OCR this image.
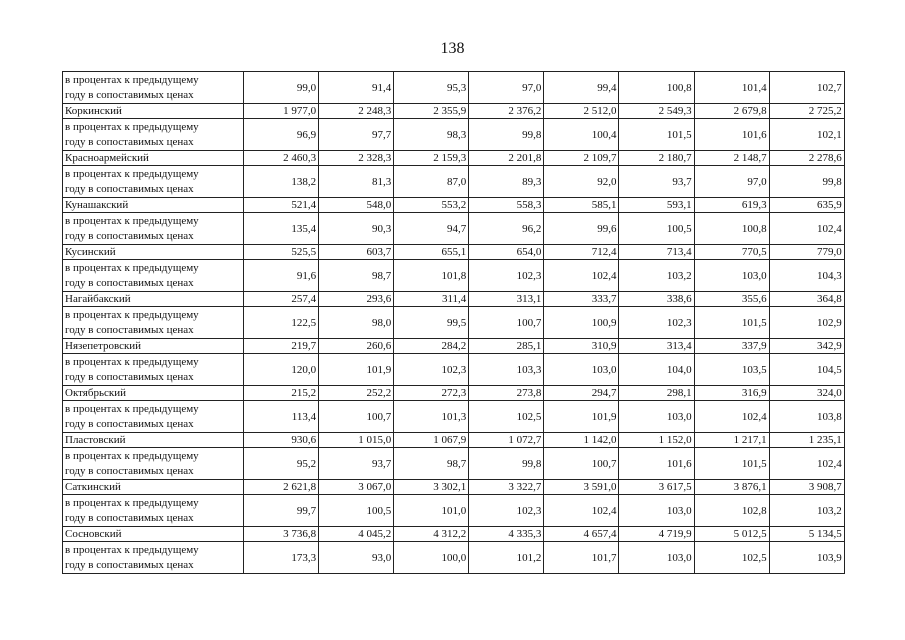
138
в процентах к предыдущему
году в сопоставимых ценах	99,0	91,4	95,3	97,0	99,4	100,8	101,4	102,7
Коркинский	1 977,0	2 248,3	2 355,9	2 376,2	2 512,0	2 549,3	2 679,8	2 725,2

в процентах к предыдущему
году в сопоставимых ценах	96,9	97,7	98,3	99,8	100,4	101,5	101,6	102,1
Красноармейский	2 460,3	2 328,3	2 159,3	2 201,8	2 109,7	2 180,7	2 148,7	2 278,6

в процентах к предыдущему
году в сопоставимых ценах	138,2	81,3	87,0	89,3	92,0	93,7	97,0	99,8
Кунашакский	521,4	548,0	553,2	558,3	585,1	593,1	619,3	635,9

в процентах к предыдущему
году в сопоставимых ценах	135,4	90,3	94,7	96,2	99,6	100,5	100,8	102,4
Кусинский	525,5	603,7	655,1	654,0	712,4	713,4	770,5	779,0

в процентах к предыдущему
году в сопоставимых ценах	91,6	98,7	101,8	102,3	102,4	103,2	103,0	104,3
Нагайбакский	257,4	293,6	311,4	313,1	333,7	338,6	355,6	364,8

в процентах к предыдущему
году в сопоставимых ценах	122,5	98,0	99,5	100,7	100,9	102,3	101,5	102,9
Нязепетровский	219,7	260,6	284,2	285,1	310,9	313,4	337,9	342,9

в процентах к предыдущему
году в сопоставимых ценах	120,0	101,9	102,3	103,3	103,0	104,0	103,5	104,5
Октябрьский	215,2	252,2	272,3	273,8	294,7	298,1	316,9	324,0

в процентах к предыдущему
году в сопоставимых ценах	113,4	100,7	101,3	102,5	101,9	103,0	102,4	103,8
Пластовский	930,6	1 015,0	1 067,9	1 072,7	1 142,0	1 152,0	1 217,1	1 235,1

в процентах к предыдущему
году в сопоставимых ценах	95,2	93,7	98,7	99,8	100,7	101,6	101,5	102,4
Саткинский	2 621,8	3 067,0	3 302,1	3 322,7	3 591,0	3 617,5	3 876,1	3 908,7

в процентах к предыдущему
году в сопоставимых ценах	99,7	100,5	101,0	102,3	102,4	103,0	102,8	103,2
Сосновский	3 736,8	4 045,2	4 312,2	4 335,3	4 657,4	4 719,9	5 012,5	5 134,5

в процентах к предыдущему
году в сопоставимых ценах	173,3	93,0	100,0	101,2	101,7	103,0	102,5	103,9
